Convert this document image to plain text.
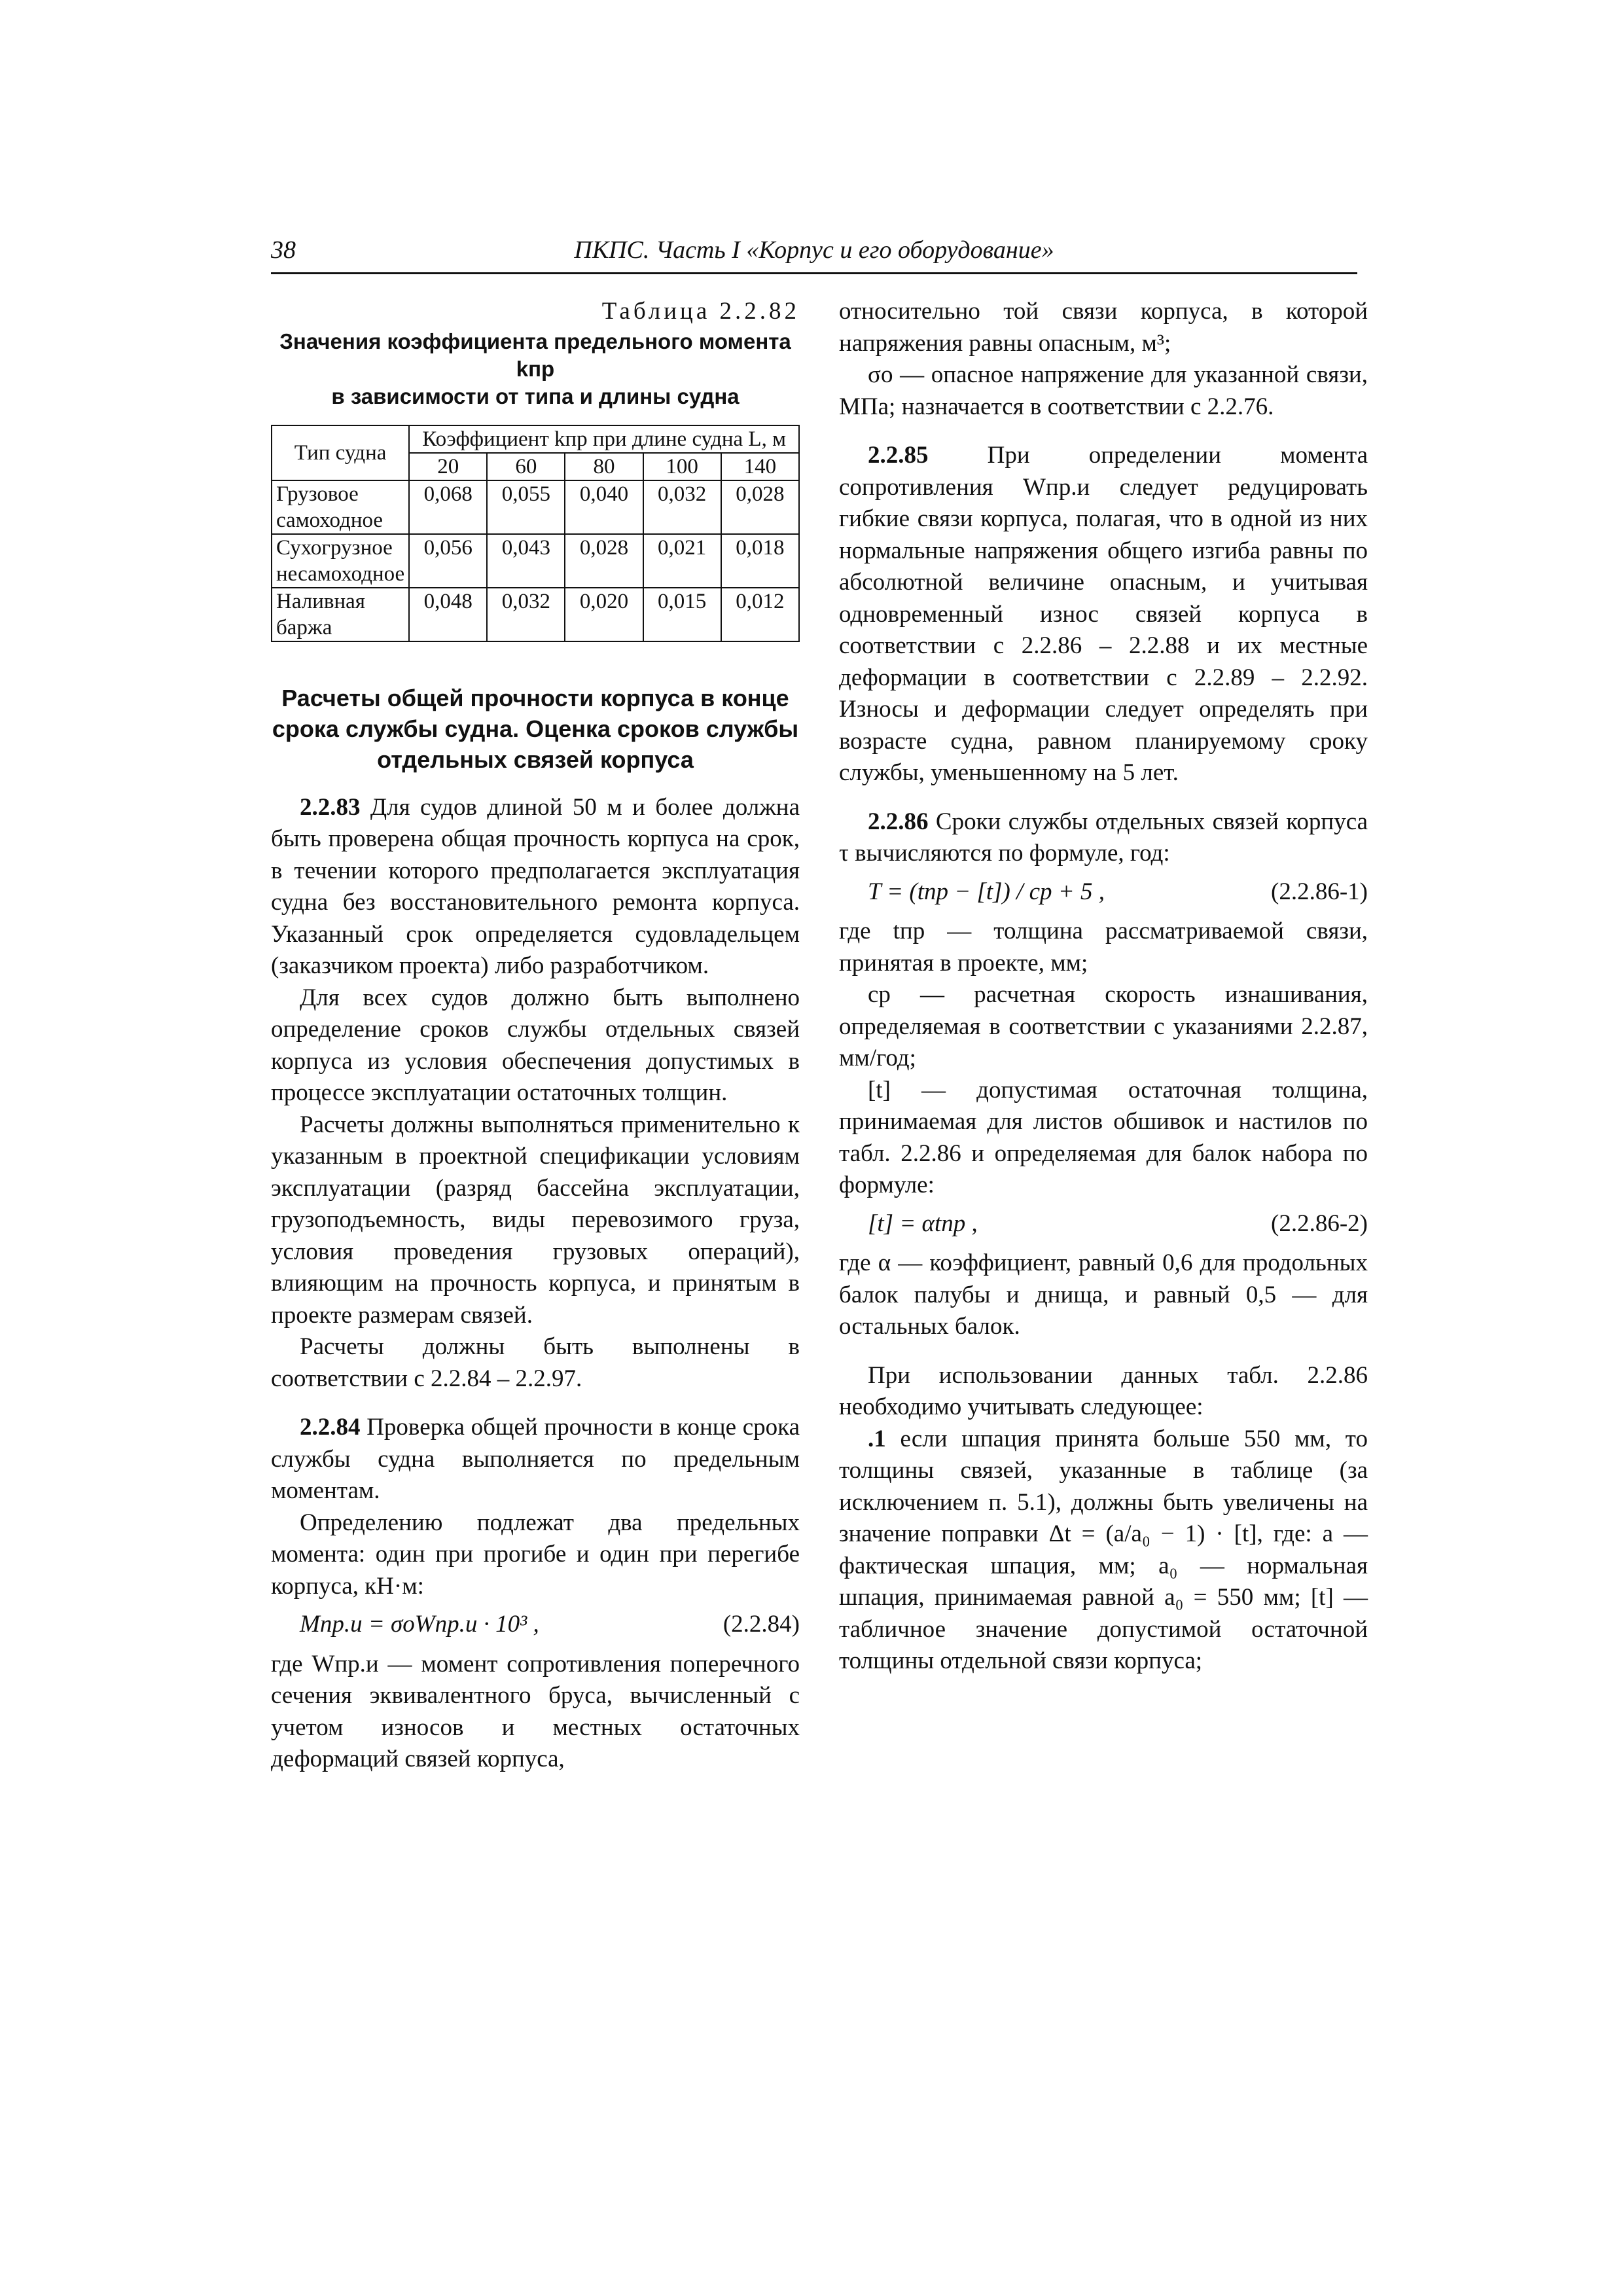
38	ПКПС. Часть I «Корпус и его оборудование»

Таблица 2.2.82

Значения коэффициента предельного момента kпр

в зависимости от типа и длины судна

Тип судна	Коэффициент kпр при длине судна L, м				
	20	60	80	100	140
Грузовое самоходное	0,068	0,055	0,040	0,032	0,028
Сухогрузное несамоходное	0,056	0,043	0,028	0,021	0,018
Наливная баржа	0,048	0,032	0,020	0,015	0,012

Расчеты общей прочности корпуса в конце срока службы судна. Оценка сроков службы отдельных связей корпуса

2.2.83 Для судов длиной 50 м и более должна быть проверена общая прочность корпуса на срок, в течении которого предполагается эксплуатация судна без восстановительного ремонта корпуса. Указанный срок определяется судовладельцем (заказчиком проекта) либо разработчиком.

Для всех судов должно быть выполнено определение сроков службы отдельных связей корпуса из условия обеспечения допустимых в процессе эксплуатации остаточных толщин.

Расчеты должны выполняться применительно к указанным в проектной спецификации условиям эксплуатации (разряд бассейна эксплуатации, грузоподъемность, виды перевозимого груза, условия проведения грузовых операций), влияющим на прочность корпуса, и принятым в проекте размерам связей.

Расчеты должны быть выполнены в соответствии с 2.2.84 – 2.2.97.

2.2.84 Проверка общей прочности в конце срока службы судна выполняется по предельным моментам.

Определению подлежат два предельных момента: один при прогибе и один при перегибе корпуса, кН·м:

Mпр.и = σоWпр.и · 10³ ,	(2.2.84)

где Wпр.и — момент сопротивления поперечного сечения эквивалентного бруса, вычисленный с учетом износов и местных остаточных деформаций связей корпуса,

относительно той связи корпуса, в которой напряжения равны опасным, м³;

σо — опасное напряжение для указанной связи, МПа; назначается в соответствии с 2.2.76.

2.2.85 При определении момента сопротивления Wпр.и следует редуцировать гибкие связи корпуса, полагая, что в одной из них нормальные напряжения общего изгиба равны по абсолютной величине опасным, и учитывая одновременный износ связей корпуса в соответствии с 2.2.86 – 2.2.88 и их местные деформации в соответствии с 2.2.89 – 2.2.92. Износы и деформации следует определять при возрасте судна, равном планируемому сроку службы, уменьшенному на 5 лет.

2.2.86 Сроки службы отдельных связей корпуса τ вычисляются по формуле, год:

T = (tпр − [t]) / cр + 5 ,	(2.2.86-1)

где tпр — толщина рассматриваемой связи, принятая в проекте, мм;

cр — расчетная скорость изнашивания, определяемая в соответствии с указаниями 2.2.87, мм/год;

[t] — допустимая остаточная толщина, принимаемая для листов обшивок и настилов по табл. 2.2.86 и определяемая для балок набора по формуле:

[t] = αtпр ,	(2.2.86-2)

где α — коэффициент, равный 0,6 для продольных балок палубы и днища, и равный 0,5 — для остальных балок.

При использовании данных табл. 2.2.86 необходимо учитывать следующее:

.1 если шпация принята больше 550 мм, то толщины связей, указанные в таблице (за исключением п. 5.1), должны быть увеличены на значение поправки Δt = (a/a₀ − 1) · [t], где: a — фактическая шпация, мм; a₀ — нормальная шпация, принимаемая равной a₀ = 550 мм; [t] — табличное значение допустимой остаточной толщины отдельной связи корпуса;
